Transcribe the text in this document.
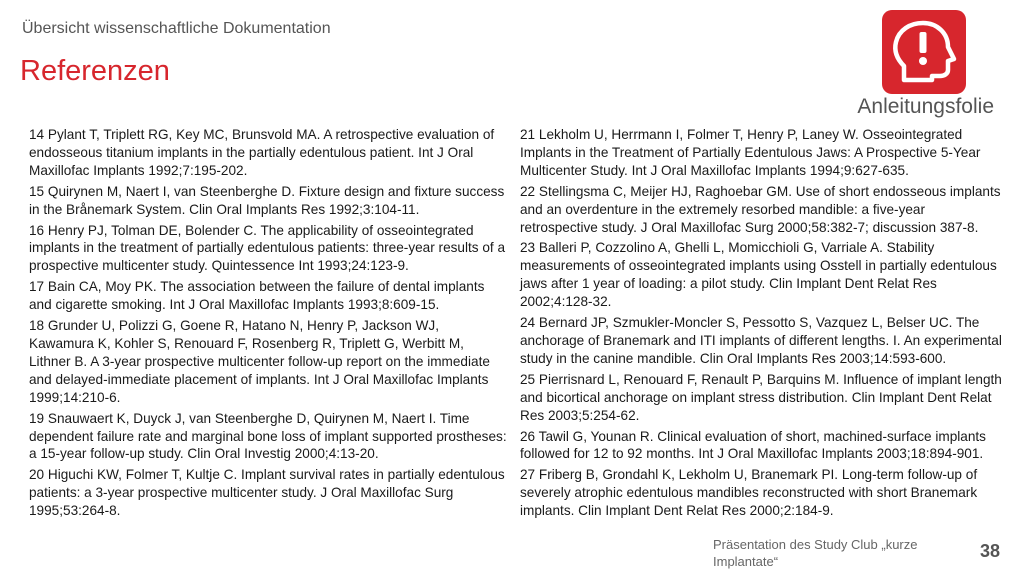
Übersicht wissenschaftliche Dokumentation
Referenzen
Anleitungsfolie

14 Pylant T, Triplett RG, Key MC, Brunsvold MA. A retrospective evaluation of endosseous titanium implants in the partially edentulous patient. Int J Oral Maxillofac Implants 1992;7:195-202.

15 Quirynen M, Naert I, van Steenberghe D. Fixture design and fixture success in the Brånemark System. Clin Oral Implants Res 1992;3:104-11.

16 Henry PJ, Tolman DE, Bolender C. The applicability of osseointegrated implants in the treatment of partially edentulous patients: three-year results of a prospective multicenter study. Quintessence Int 1993;24:123-9.

17 Bain CA, Moy PK. The association between the failure of dental implants and cigarette smoking. Int J Oral Maxillofac Implants 1993;8:609-15.

18 Grunder U, Polizzi G, Goene R, Hatano N, Henry P, Jackson WJ, Kawamura K, Kohler S, Renouard F, Rosenberg R, Triplett G, Werbitt M, Lithner B. A 3-year prospective multicenter follow-up report on the immediate and delayed-immediate placement of implants. Int J Oral Maxillofac Implants 1999;14:210-6.

19 Snauwaert K, Duyck J, van Steenberghe D, Quirynen M, Naert I. Time dependent failure rate and marginal bone loss of implant supported prostheses: a 15-year follow-up study. Clin Oral Investig 2000;4:13-20.

20 Higuchi KW, Folmer T, Kultje C. Implant survival rates in partially edentulous patients: a 3-year prospective multicenter study. J Oral Maxillofac Surg 1995;53:264-8.

21 Lekholm U, Herrmann I, Folmer T, Henry P, Laney W. Osseointegrated Implants in the Treatment of Partially Edentulous Jaws: A Prospective 5-Year Multicenter Study. Int J Oral Maxillofac Implants 1994;9:627-635.

22 Stellingsma C, Meijer HJ, Raghoebar GM. Use of short endosseous implants and an overdenture in the extremely resorbed mandible: a five-year retrospective study. J Oral Maxillofac Surg 2000;58:382-7; discussion 387-8.

23 Balleri P, Cozzolino A, Ghelli L, Momicchioli G, Varriale A. Stability measurements of osseointegrated implants using Osstell in partially edentulous jaws after 1 year of loading: a pilot study. Clin Implant Dent Relat Res 2002;4:128-32.

24 Bernard JP, Szmukler-Moncler S, Pessotto S, Vazquez L, Belser UC. The anchorage of Branemark and ITI implants of different lengths. I. An experimental study in the canine mandible. Clin Oral Implants Res 2003;14:593-600.

25 Pierrisnard L, Renouard F, Renault P, Barquins M. Influence of implant length and bicortical anchorage on implant stress distribution. Clin Implant Dent Relat Res 2003;5:254-62.

26 Tawil G, Younan R. Clinical evaluation of short, machined-surface implants followed for 12 to 92 months. Int J Oral Maxillofac Implants 2003;18:894-901.

27 Friberg B, Grondahl K, Lekholm U, Branemark PI. Long-term follow-up of severely atrophic edentulous mandibles reconstructed with short Branemark implants. Clin Implant Dent Relat Res 2000;2:184-9.

Präsentation des Study Club „kurze Implantate“
38
